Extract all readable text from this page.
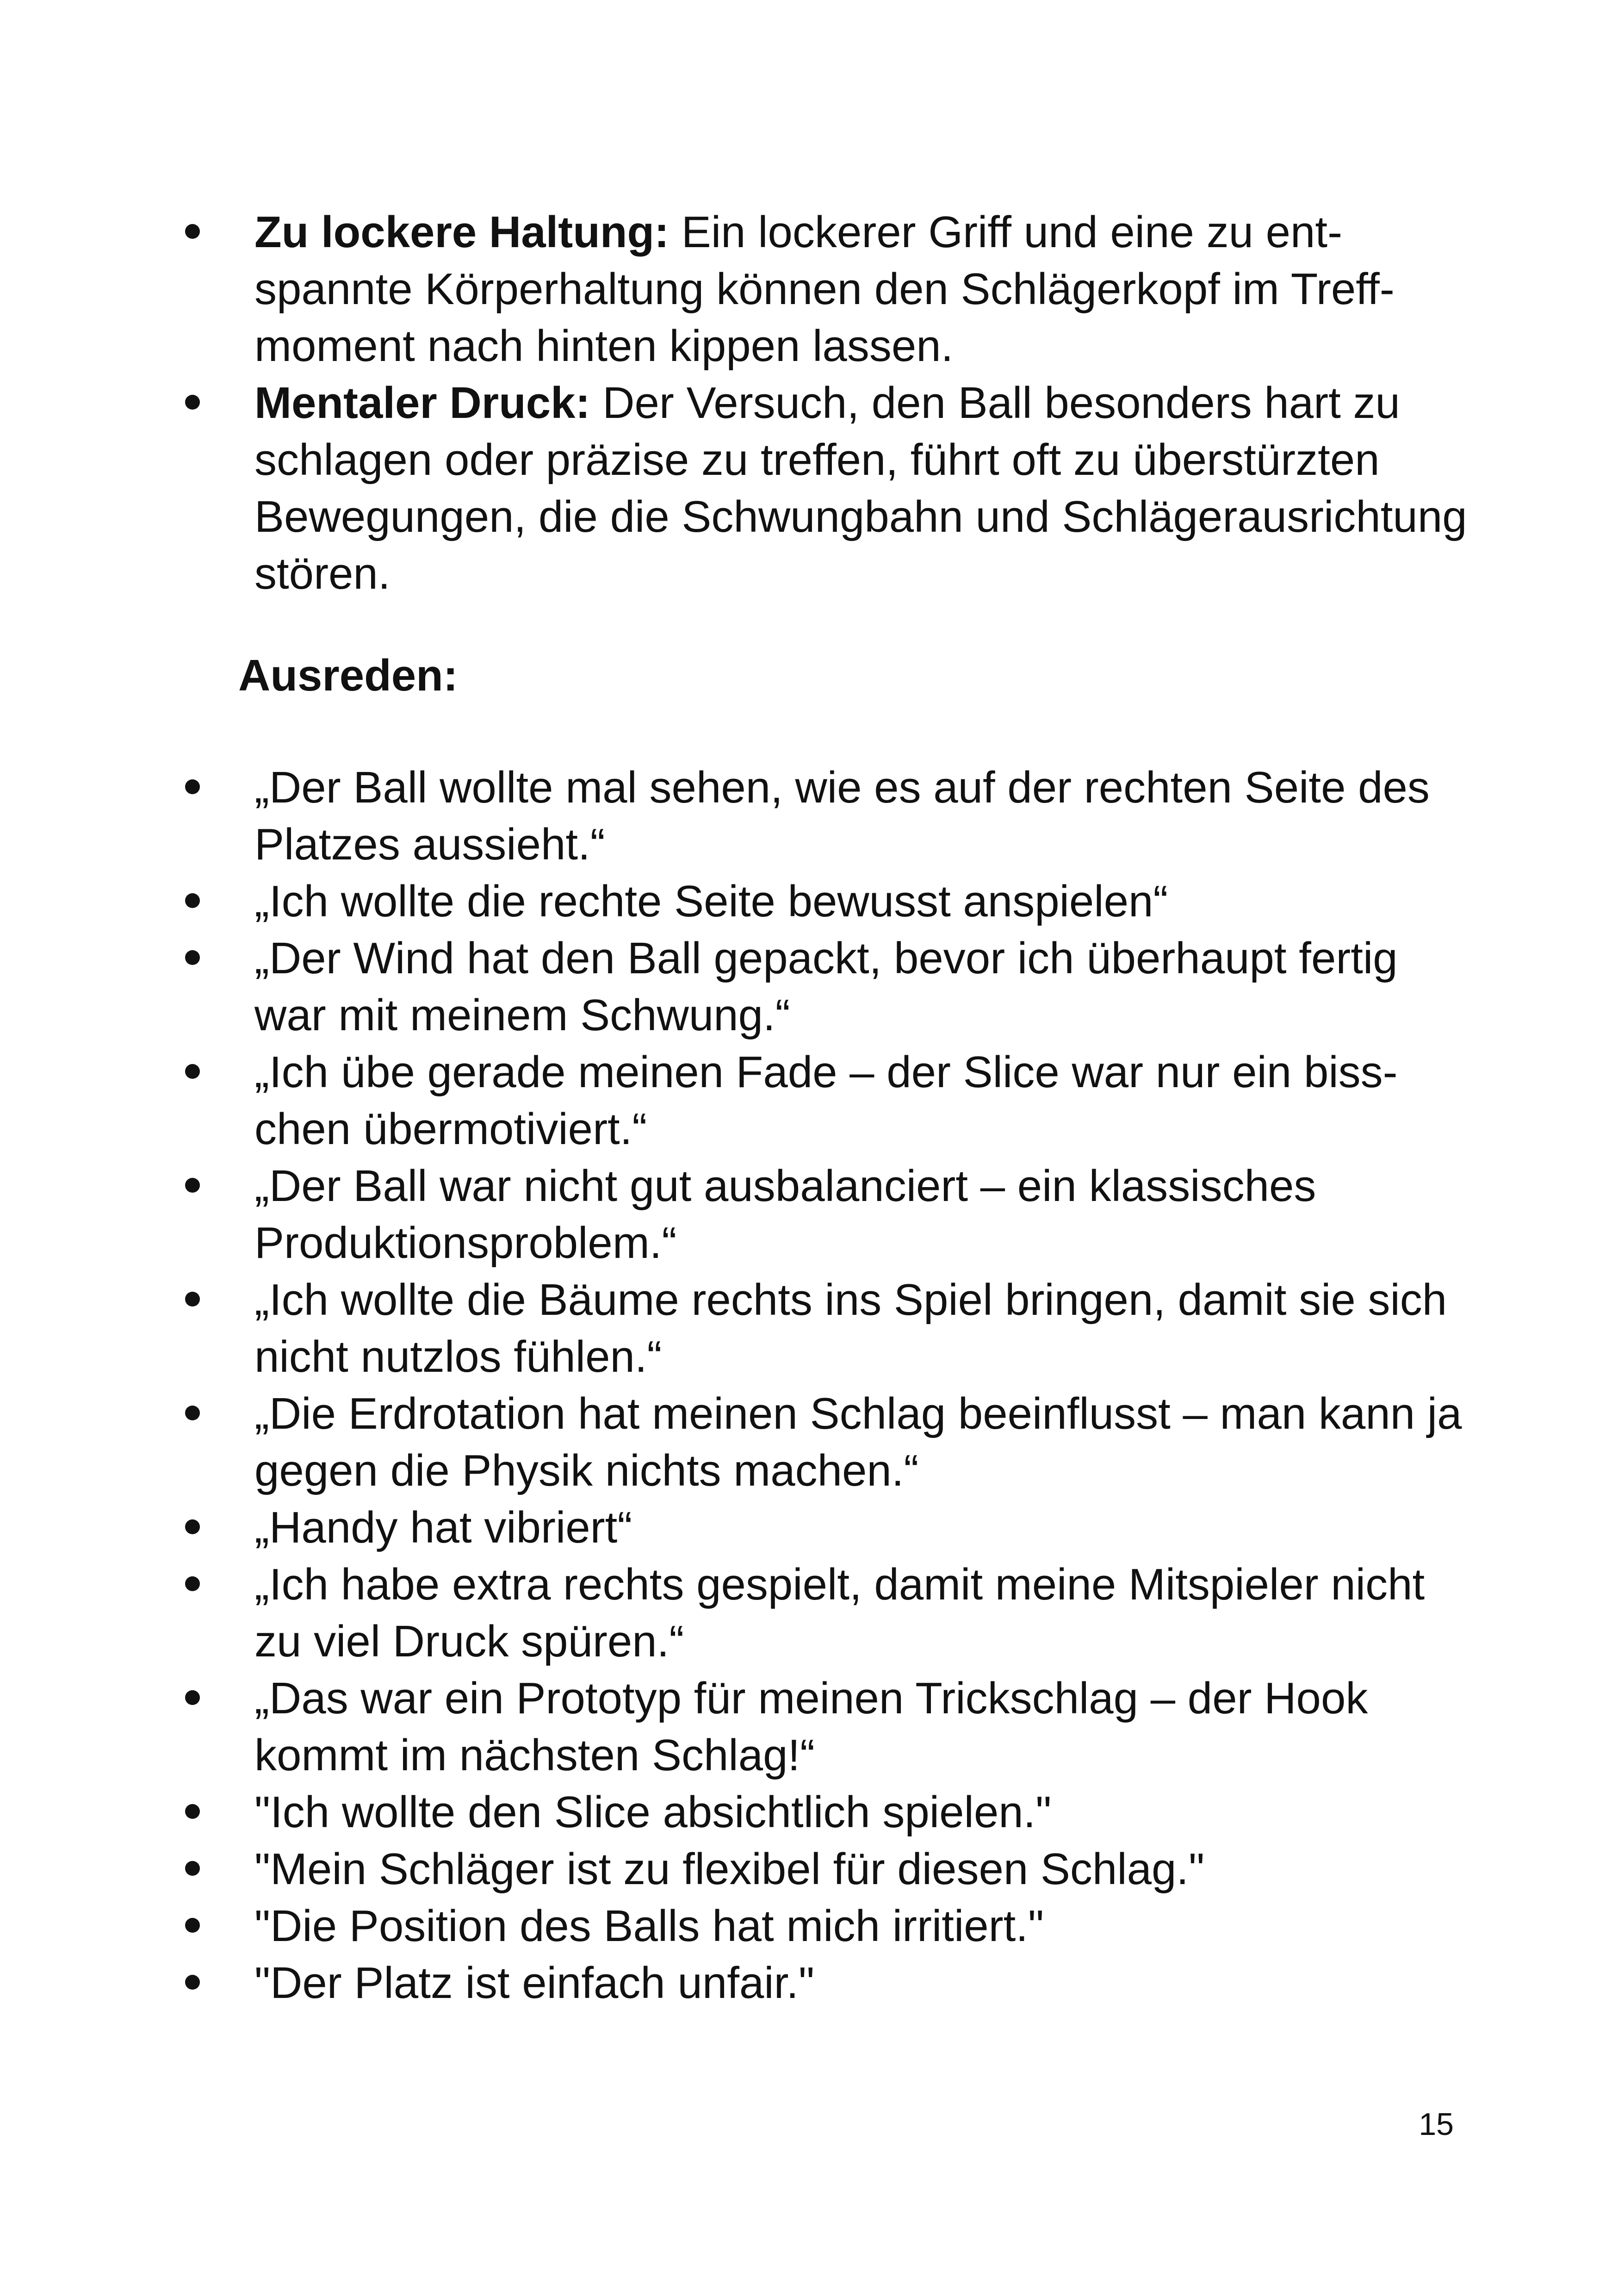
Zu lockere Haltung: Ein lockerer Griff und eine zu entspannte Körperhaltung können den Schlägerkopf im Treffmoment nach hinten kippen lassen.
Mentaler Druck: Der Versuch, den Ball besonders hart zu schlagen oder präzise zu treffen, führt oft zu überstürzten Bewegungen, die die Schwungbahn und Schlägerausrichtung stören.
Ausreden:
„Der Ball wollte mal sehen, wie es auf der rechten Seite des Platzes aussieht.“
„Ich wollte die rechte Seite bewusst anspielen“
„Der Wind hat den Ball gepackt, bevor ich überhaupt fertig war mit meinem Schwung.“
„Ich übe gerade meinen Fade – der Slice war nur ein bisschen übermotiviert.“
„Der Ball war nicht gut ausbalanciert – ein klassisches Produktionsproblem.“
„Ich wollte die Bäume rechts ins Spiel bringen, damit sie sich nicht nutzlos fühlen.“
„Die Erdrotation hat meinen Schlag beeinflusst – man kann ja gegen die Physik nichts machen.“
„Handy hat vibriert“
„Ich habe extra rechts gespielt, damit meine Mitspieler nicht zu viel Druck spüren.“
„Das war ein Prototyp für meinen Trickschlag – der Hook kommt im nächsten Schlag!“
"Ich wollte den Slice absichtlich spielen."
"Mein Schläger ist zu flexibel für diesen Schlag."
"Die Position des Balls hat mich irritiert."
"Der Platz ist einfach unfair."
15
